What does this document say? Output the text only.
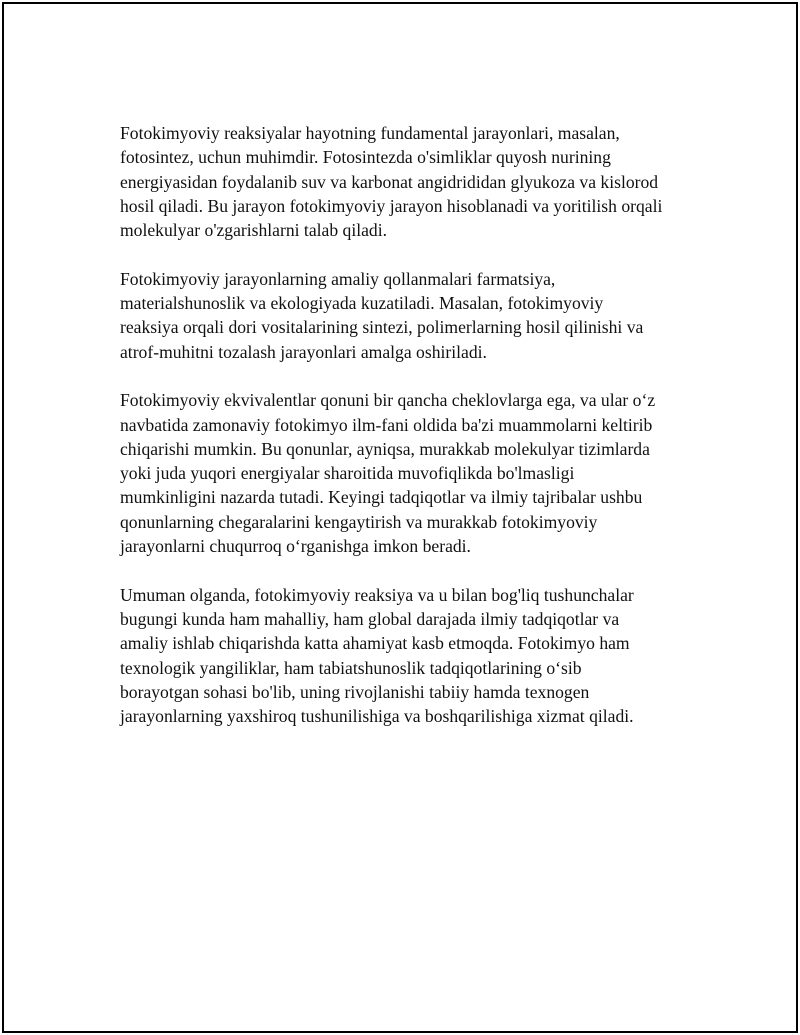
Fotokimyoviy reaksiyalar hayotning fundamental jarayonlari, masalan,
fotosintez, uchun muhimdir. Fotosintezda o'simliklar quyosh nurining
energiyasidan foydalanib suv va karbonat angidrididan glyukoza va kislorod
hosil qiladi. Bu jarayon fotokimyoviy jarayon hisoblanadi va yoritilish orqali
molekulyar o'zgarishlarni talab qiladi.

Fotokimyoviy jarayonlarning amaliy qollanmalari farmatsiya,
materialshunoslik va ekologiyada kuzatiladi. Masalan, fotokimyoviy
reaksiya orqali dori vositalarining sintezi, polimerlarning hosil qilinishi va
atrof-muhitni tozalash jarayonlari amalga oshiriladi.

Fotokimyoviy ekvivalentlar qonuni bir qancha cheklovlarga ega, va ular o‘z
navbatida zamonaviy fotokimyo ilm-fani oldida ba'zi muammolarni keltirib
chiqarishi mumkin. Bu qonunlar, ayniqsa, murakkab molekulyar tizimlarda
yoki juda yuqori energiyalar sharoitida muvofiqlikda bo'lmasligi
mumkinligini nazarda tutadi. Keyingi tadqiqotlar va ilmiy tajribalar ushbu
qonunlarning chegaralarini kengaytirish va murakkab fotokimyoviy
jarayonlarni chuqurroq o‘rganishga imkon beradi.

Umuman olganda, fotokimyoviy reaksiya va u bilan bog'liq tushunchalar
bugungi kunda ham mahalliy, ham global darajada ilmiy tadqiqotlar va
amaliy ishlab chiqarishda katta ahamiyat kasb etmoqda. Fotokimyo ham
texnologik yangiliklar, ham tabiatshunoslik tadqiqotlarining o‘sib
borayotgan sohasi bo'lib, uning rivojlanishi tabiiy hamda texnogen
jarayonlarning yaxshiroq tushunilishiga va boshqarilishiga xizmat qiladi.
